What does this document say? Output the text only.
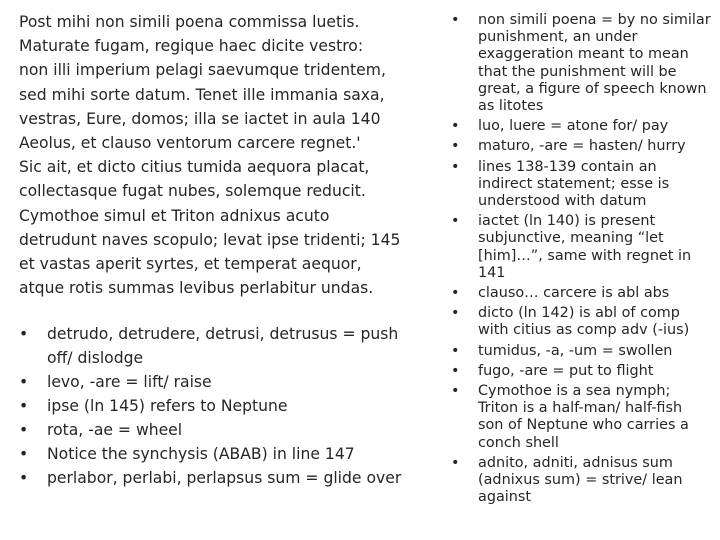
Post mihi non simili poena commissa luetis.
Maturate fugam, regique haec dicite vestro:
non illi imperium pelagi saevumque tridentem,
sed mihi sorte datum. Tenet ille immania saxa,
vestras, Eure, domos; illa se iactet in aula 140
Aeolus, et clauso ventorum carcere regnet.'
Sic ait, et dicto citius tumida aequora placat,
collectasque fugat nubes, solemque reducit.
Cymothoe simul et Triton adnixus acuto
detrudunt naves scopulo; levat ipse tridenti; 145
et vastas aperit syrtes, et temperat aequor,
atque rotis summas levibus perlabitur undas.
• detrudo, detrudere, detrusi, detrusus = push
off/ dislodge
• levo, -are = lift/ raise
• ipse (ln 145) refers to Neptune
• rota, -ae = wheel
• Notice the synchysis (ABAB) in line 147
• perlabor, perlabi, perlapsus sum = glide over
• non simili poena = by no similar
punishment, an under
exaggeration meant to mean
that the punishment will be
great, a figure of speech known
as litotes
• luo, luere = atone for/ pay
• maturo, -are = hasten/ hurry
• lines 138-139 contain an
indirect statement; esse is
understood with datum
• iactet (ln 140) is present
subjunctive, meaning “let
[him]…”, same with regnet in
141
• clauso… carcere is abl abs
• dicto (ln 142) is abl of comp
with citius as comp adv (-ius)
• tumidus, -a, -um = swollen
• fugo, -are = put to flight
• Cymothoe is a sea nymph;
Triton is a half-man/ half-fish
son of Neptune who carries a
conch shell
• adnito, adniti, adnisus sum
(adnixus sum) = strive/ lean
against
